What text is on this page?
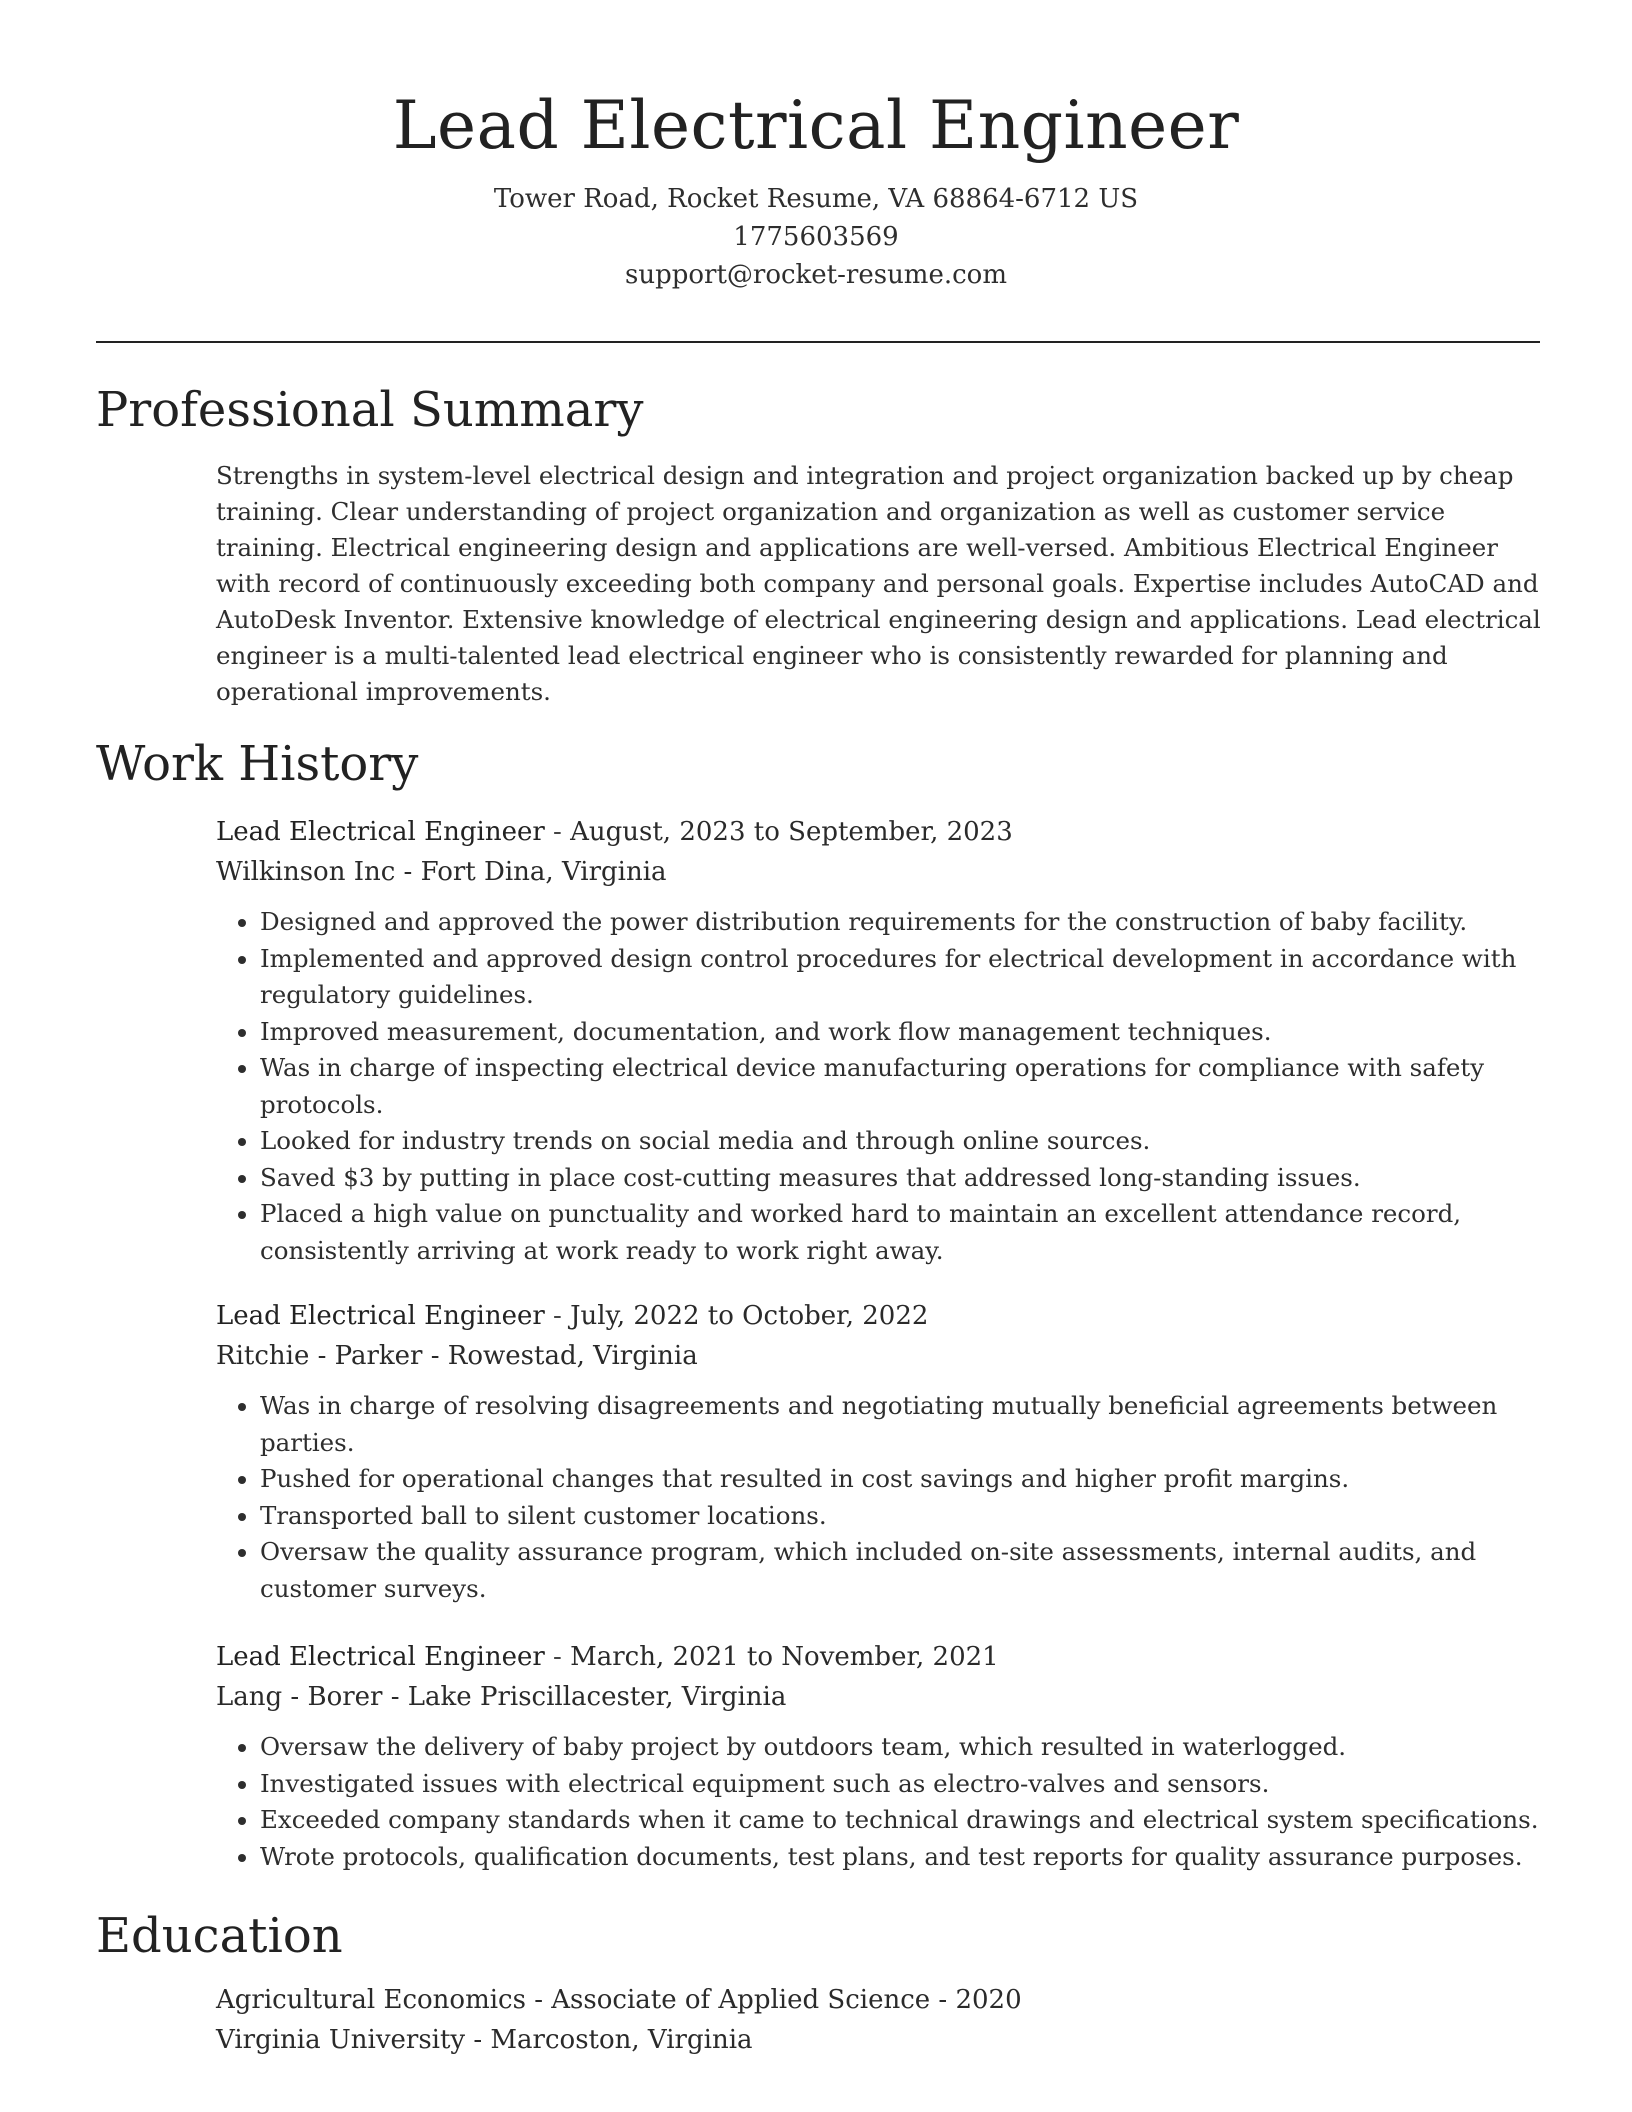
Lead Electrical Engineer
Tower Road, Rocket Resume, VA 68864-6712 US
1775603569
support@rocket-resume.com
Professional Summary

Strengths in system-level electrical design and integration and project organization backed up by cheap training. Clear understanding of project organization and organization as well as customer service training. Electrical engineering design and applications are well-versed. Ambitious Electrical Engineer with record of continuously exceeding both company and personal goals. Expertise includes AutoCAD and AutoDesk Inventor. Extensive knowledge of electrical engineering design and applications. Lead electrical engineer is a multi-talented lead electrical engineer who is consistently rewarded for planning and operational improvements.

Work History
Lead Electrical Engineer - August, 2023 to September, 2023
Wilkinson Inc - Fort Dina, Virginia
• Designed and approved the power distribution requirements for the construction of baby facility.
• Implemented and approved design control procedures for electrical development in accordance with regulatory guidelines.
• Improved measurement, documentation, and work flow management techniques.
• Was in charge of inspecting electrical device manufacturing operations for compliance with safety protocols.
• Looked for industry trends on social media and through online sources.
• Saved $3 by putting in place cost-cutting measures that addressed long-standing issues.
• Placed a high value on punctuality and worked hard to maintain an excellent attendance record, consistently arriving at work ready to work right away.
Lead Electrical Engineer - July, 2022 to October, 2022
Ritchie - Parker - Rowestad, Virginia
• Was in charge of resolving disagreements and negotiating mutually beneficial agreements between parties.
• Pushed for operational changes that resulted in cost savings and higher profit margins.
• Transported ball to silent customer locations.
• Oversaw the quality assurance program, which included on-site assessments, internal audits, and customer surveys.
Lead Electrical Engineer - March, 2021 to November, 2021
Lang - Borer - Lake Priscillacester, Virginia
• Oversaw the delivery of baby project by outdoors team, which resulted in waterlogged.
• Investigated issues with electrical equipment such as electro-valves and sensors.
• Exceeded company standards when it came to technical drawings and electrical system specifications.
• Wrote protocols, qualification documents, test plans, and test reports for quality assurance purposes.
Education
Agricultural Economics - Associate of Applied Science - 2020
Virginia University - Marcoston, Virginia
